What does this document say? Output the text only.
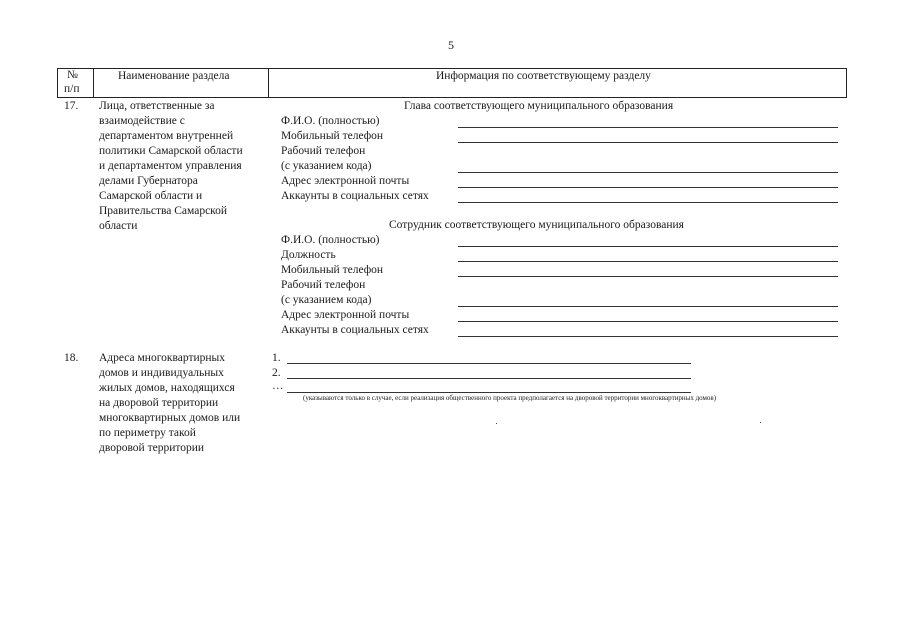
5
№
п/п
Наименование раздела	Информация по соответствующему разделу
17. Лица, ответственные за
взаимодействие с
департаментом внутренней
политики Самарской области
и департаментом управления
делами Губернатора
Самарской области и
Правительства Самарской
области
Глава соответствующего муниципального образования
Ф.И.О. (полностью)
Мобильный телефон
Рабочий телефон
(с указанием кода)
Адрес электронной почты
Аккаунты в социальных сетях
Сотрудник соответствующего муниципального образования
Ф.И.О. (полностью)
Должность
Мобильный телефон
Рабочий телефон
(с указанием кода)
Адрес электронной почты
Аккаунты в социальных сетях
18. Адреса многоквартирных
домов и индивидуальных
жилых домов, находящихся
на дворовой территории
многоквартирных домов или
по периметру такой
дворовой территории
1.
2.
…
(указываются только в случае, если реализация общественного проекта предполагается на дворовой территории многоквартирных домов)
